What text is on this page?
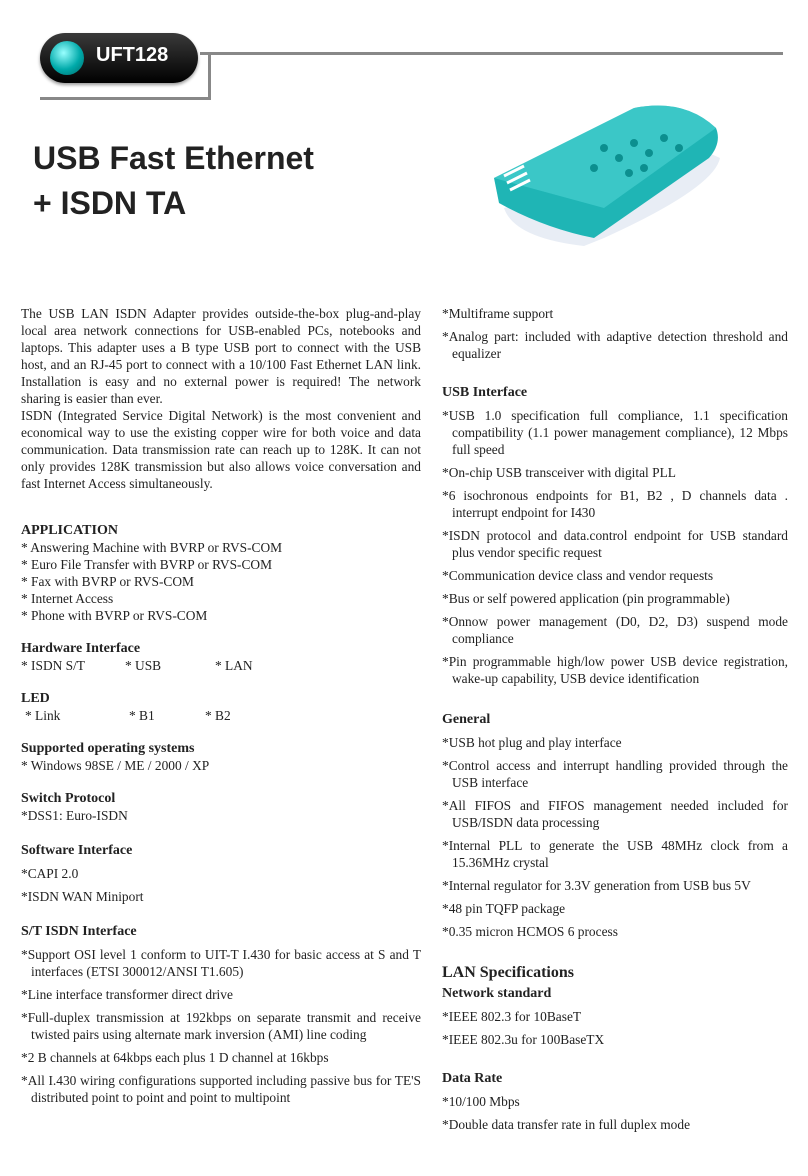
UFT128
USB Fast Ethernet
+ ISDN TA

The USB LAN ISDN Adapter provides outside-the-box plug-and-play local area network connections for USB-enabled PCs, notebooks and laptops. This adapter uses a B type USB port to connect with the USB host, and an RJ-45 port to connect with a 10/100 Fast Ethernet LAN link. Installation is easy and no external power is required! The network sharing is easier than ever.

ISDN (Integrated Service Digital Network) is the most convenient and economical way to use the existing copper wire for both voice and data communication. Data transmission rate can reach up to 128K. It can not only provides 128K transmission but also allows voice conversation and fast Internet Access simultaneously.

APPLICATION

* Answering Machine with BVRP or RVS-COM

* Euro File Transfer with BVRP or RVS-COM

* Fax with BVRP or RVS-COM

* Internet Access

* Phone with BVRP or RVS-COM

Hardware Interface

* ISDN S/T	* USB	* LAN

LED

* Link	* B1	* B2

Supported operating systems

* Windows 98SE / ME / 2000 / XP

Switch Protocol

*DSS1: Euro-ISDN

Software Interface

*CAPI 2.0

*ISDN WAN Miniport

S/T ISDN Interface

*Support OSI level 1 conform to UIT-T I.430 for basic access at S and T interfaces (ETSI 300012/ANSI T1.605)

*Line interface transformer direct drive

*Full-duplex transmission at 192kbps on separate transmit and receive twisted pairs using alternate mark inversion (AMI) line coding

*2 B channels at 64kbps each plus 1 D channel at 16kbps

*All I.430 wiring configurations supported including passive bus for TE'S distributed point to point and point to multipoint

*Multiframe support

*Analog part: included with adaptive detection threshold and equalizer

USB Interface

*USB 1.0 specification full compliance, 1.1 specification compatibility (1.1 power management compliance), 12 Mbps full speed

*On-chip USB transceiver with digital PLL

*6 isochronous endpoints for B1, B2 , D channels data . interrupt endpoint for I430

*ISDN protocol and data.control endpoint for USB standard plus vendor specific request

*Communication device class and vendor requests

*Bus or self powered application (pin programmable)

*Onnow power management (D0, D2, D3) suspend mode compliance

*Pin programmable high/low power USB device registration, wake-up capability, USB device identification

General

*USB hot plug and play interface

*Control access and interrupt handling provided through the USB interface

*All FIFOS and FIFOS management needed included for USB/ISDN data processing

*Internal PLL to generate the USB 48MHz clock from a 15.36MHz crystal

*Internal regulator for 3.3V generation from USB bus 5V

*48 pin TQFP package

*0.35 micron HCMOS 6 process

LAN Specifications

Network standard

*IEEE 802.3 for 10BaseT

*IEEE 802.3u for 100BaseTX

Data Rate

*10/100 Mbps

*Double data transfer rate in full duplex mode
